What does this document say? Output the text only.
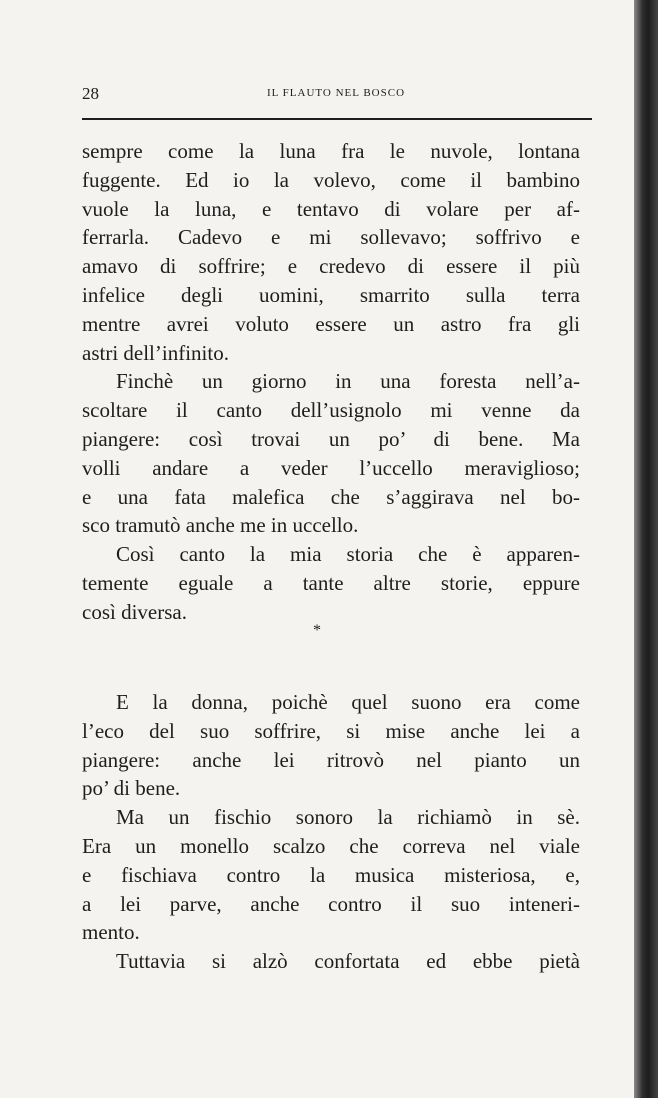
28	IL FLAUTO NEL BOSCO
sempre come la luna fra le nuvole, lontana
fuggente. Ed io la volevo, come il bambino
vuole la luna, e tentavo di volare per af-
ferrarla. Cadevo e mi sollevavo; soffrivo e
amavo di soffrire; e credevo di essere il più
infelice degli uomini, smarrito sulla terra
mentre avrei voluto essere un astro fra gli
astri dell’infinito.
Finchè un giorno in una foresta nell’a-
scoltare il canto dell’usignolo mi venne da
piangere: così trovai un po’ di bene. Ma
volli andare a veder l’uccello meraviglioso;
e una fata malefica che s’aggirava nel bo-
sco tramutò anche me in uccello.
Così canto la mia storia che è apparen-
temente eguale a tante altre storie, eppure
così diversa.
*
E la donna, poichè quel suono era come
l’eco del suo soffrire, si mise anche lei a
piangere: anche lei ritrovò nel pianto un
po’ di bene.
Ma un fischio sonoro la richiamò in sè.
Era un monello scalzo che correva nel viale
e fischiava contro la musica misteriosa, e,
a lei parve, anche contro il suo inteneri-
mento.
Tuttavia si alzò confortata ed ebbe pietà
